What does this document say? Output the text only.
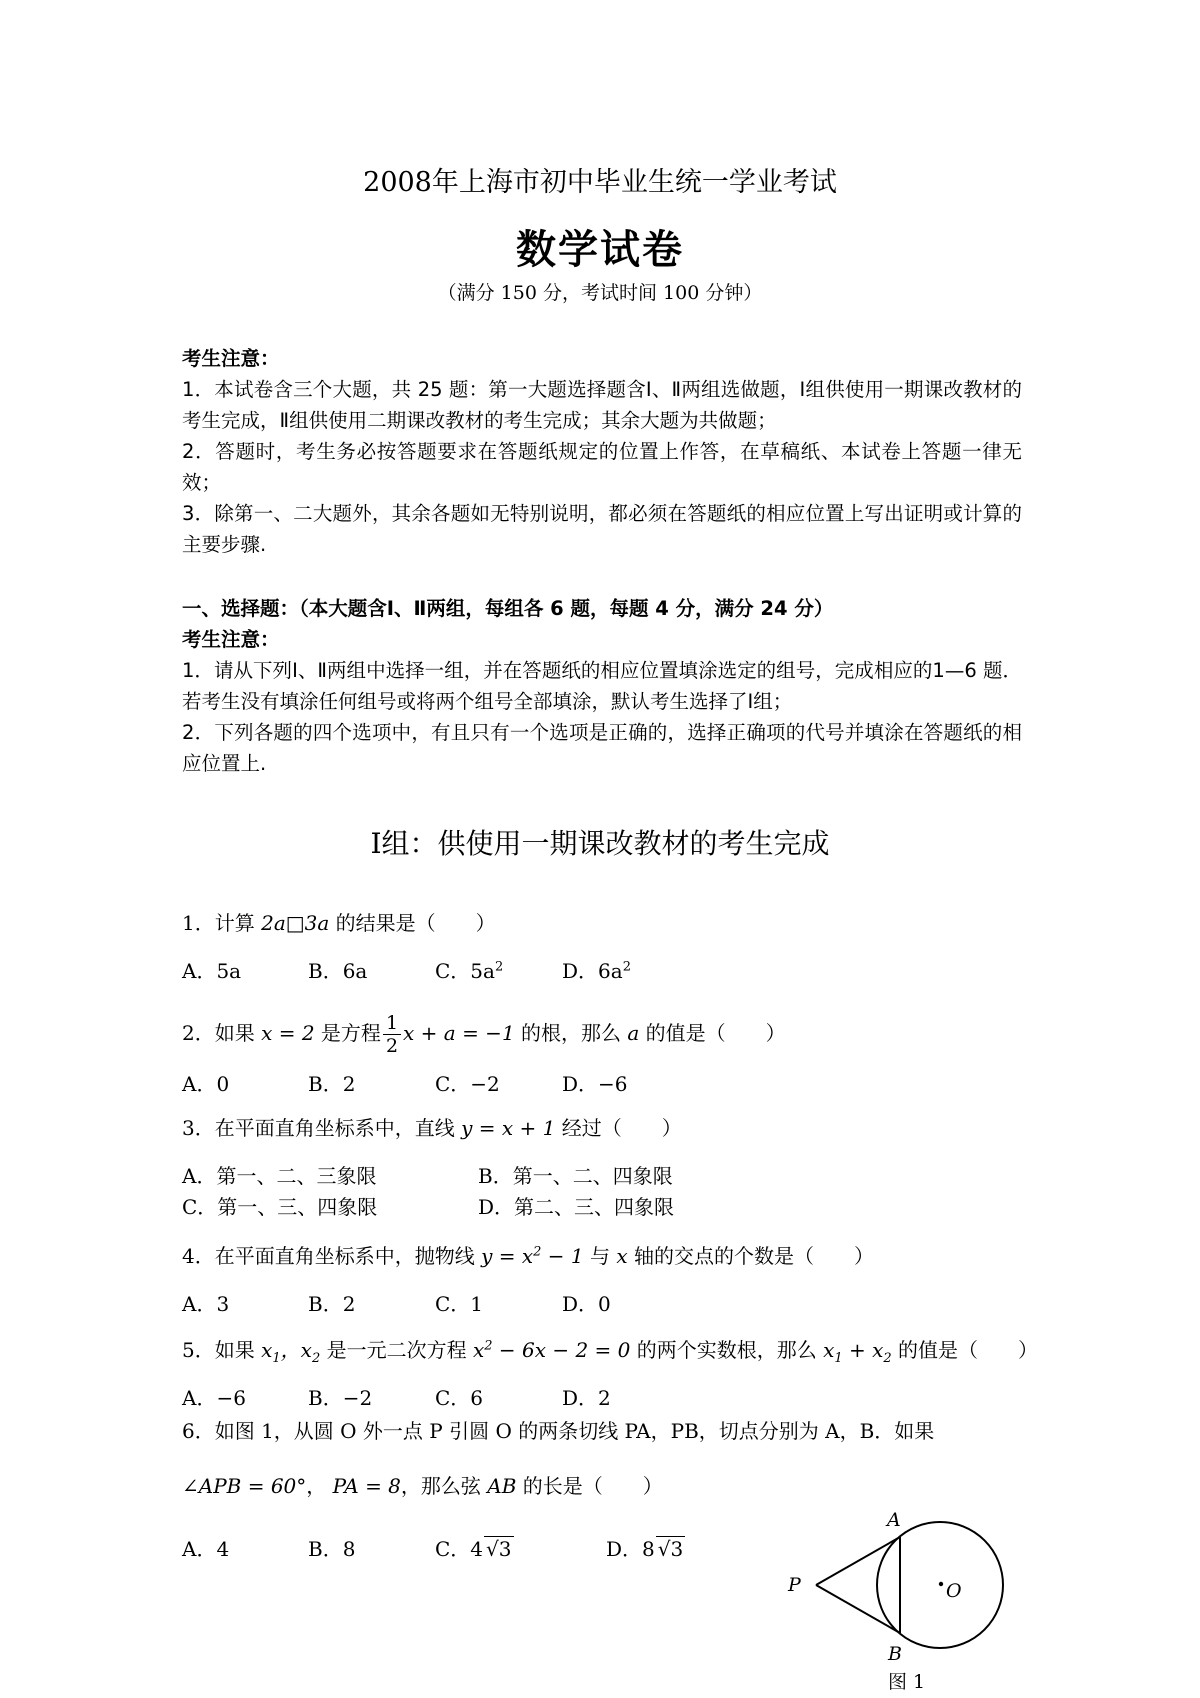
2008年上海市初中毕业生统一学业考试
数学试卷
（满分 150 分，考试时间 100 分钟）

考生注意：

1．本试卷含三个大题，共 25 题：第一大题选择题含Ⅰ、Ⅱ两组选做题，Ⅰ组供使用一期课改教材的考生完成，Ⅱ组供使用二期课改教材的考生完成；其余大题为共做题；

2．答题时，考生务必按答题要求在答题纸规定的位置上作答，在草稿纸、本试卷上答题一律无效；

3．除第一、二大题外，其余各题如无特别说明，都必须在答题纸的相应位置上写出证明或计算的主要步骤.

一、选择题：（本大题含Ⅰ、Ⅱ两组，每组各 6 题，每题 4 分，满分 24 分）

考生注意：

1．请从下列Ⅰ、Ⅱ两组中选择一组，并在答题纸的相应位置填涂选定的组号，完成相应的1—6 题．若考生没有填涂任何组号或将两个组号全部填涂，默认考生选择了Ⅰ组；

2．下列各题的四个选项中，有且只有一个选项是正确的，选择正确项的代号并填涂在答题纸的相应位置上.

Ⅰ组：供使用一期课改教材的考生完成
1．计算 2a□3a 的结果是（　　）
A．5a	B．6a	C．$5a^2$	D．$6a^2$
2．如果 x = 2 是方程 $\frac{1}{2}$ x + a = −1 的根，那么 a 的值是（　　）
A．0	B．2	C．−2	D．−6
3．在平面直角坐标系中，直线 y = x + 1 经过（　　）
A．第一、二、三象限	B．第一、二、四象限
C．第一、三、四象限	D．第二、三、四象限
4．在平面直角坐标系中，抛物线 $y = x^2 - 1$ 与 x 轴的交点的个数是（　　）
A．3	B．2	C．1	D．0
5．如果 $x_1$，$x_2$ 是一元二次方程 $x^2 - 6x - 2 = 0$ 的两个实数根，那么 $x_1 + x_2$ 的值是（　　）
A．−6	B．−2	C．6	D．2
6．如图 1，从圆 O 外一点 P 引圆 O 的两条切线 PA，PB，切点分别为 A，B．如果
∠APB = 60°， PA = 8，那么弦 AB 的长是（　　）
A．4	B．8	C．4 √3	D．8 √3
A
B
P	O
图 1
